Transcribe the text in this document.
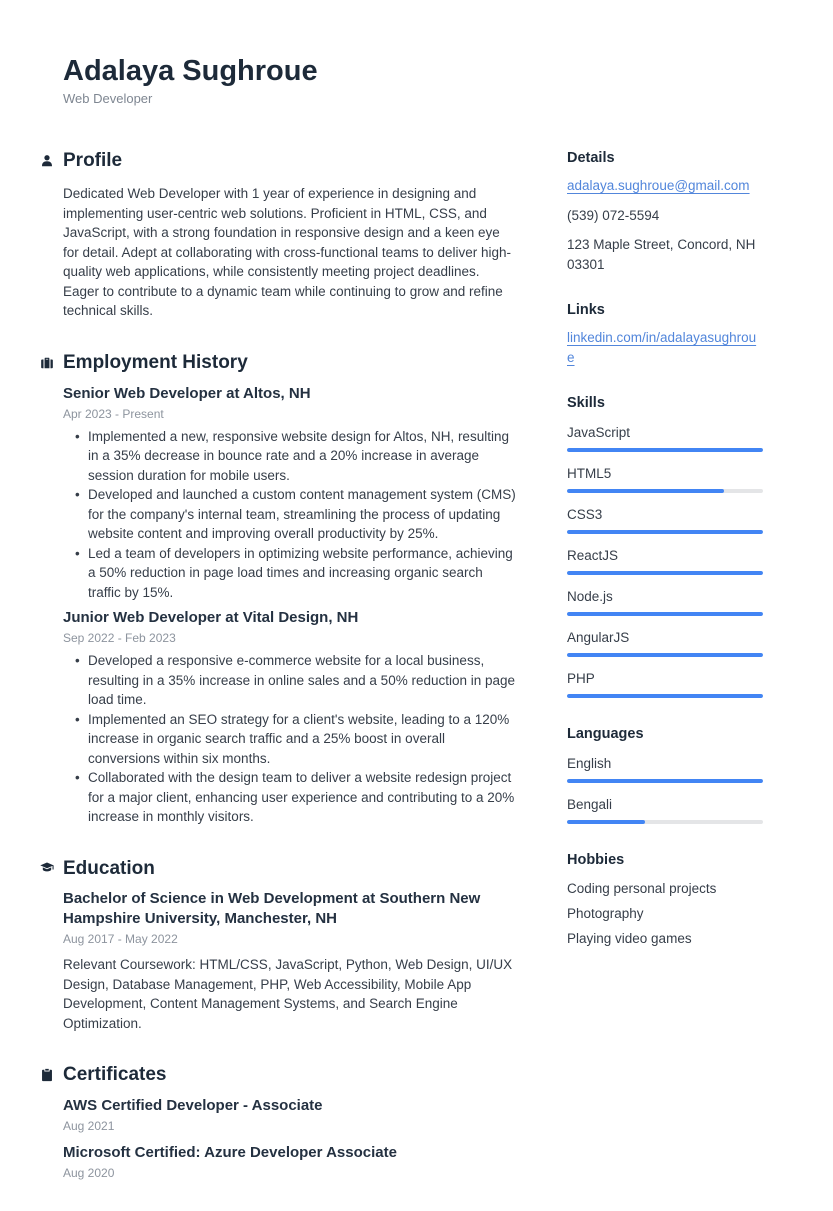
Adalaya Sughroue
Web Developer
Profile

Dedicated Web Developer with 1 year of experience in designing and implementing user-centric web solutions. Proficient in HTML, CSS, and JavaScript, with a strong foundation in responsive design and a keen eye for detail. Adept at collaborating with cross-functional teams to deliver high-quality web applications, while consistently meeting project deadlines. Eager to contribute to a dynamic team while continuing to grow and refine technical skills.

Employment History
Senior Web Developer at Altos, NH
Apr 2023 - Present
• Implemented a new, responsive website design for Altos, NH, resulting in a 35% decrease in bounce rate and a 20% increase in average session duration for mobile users.
• Developed and launched a custom content management system (CMS) for the company's internal team, streamlining the process of updating website content and improving overall productivity by 25%.
• Led a team of developers in optimizing website performance, achieving a 50% reduction in page load times and increasing organic search traffic by 15%.
Junior Web Developer at Vital Design, NH
Sep 2022 - Feb 2023
• Developed a responsive e-commerce website for a local business, resulting in a 35% increase in online sales and a 50% reduction in page load time.
• Implemented an SEO strategy for a client's website, leading to a 120% increase in organic search traffic and a 25% boost in overall conversions within six months.
• Collaborated with the design team to deliver a website redesign project for a major client, enhancing user experience and contributing to a 20% increase in monthly visitors.
Education
Bachelor of Science in Web Development at Southern New Hampshire University, Manchester, NH
Aug 2017 - May 2022

Relevant Coursework: HTML/CSS, JavaScript, Python, Web Design, UI/UX Design, Database Management, PHP, Web Accessibility, Mobile App Development, Content Management Systems, and Search Engine Optimization.

Certificates
AWS Certified Developer - Associate
Aug 2021
Microsoft Certified: Azure Developer Associate
Aug 2020
Details
adalaya.sughroue@gmail.com
(539) 072-5594
123 Maple Street, Concord, NH 03301
Links
linkedin.com/in/adalayasughroue
Skills
JavaScript
HTML5
CSS3
ReactJS
Node.js
AngularJS
PHP
Languages
English
Bengali
Hobbies
Coding personal projects
Photography
Playing video games
